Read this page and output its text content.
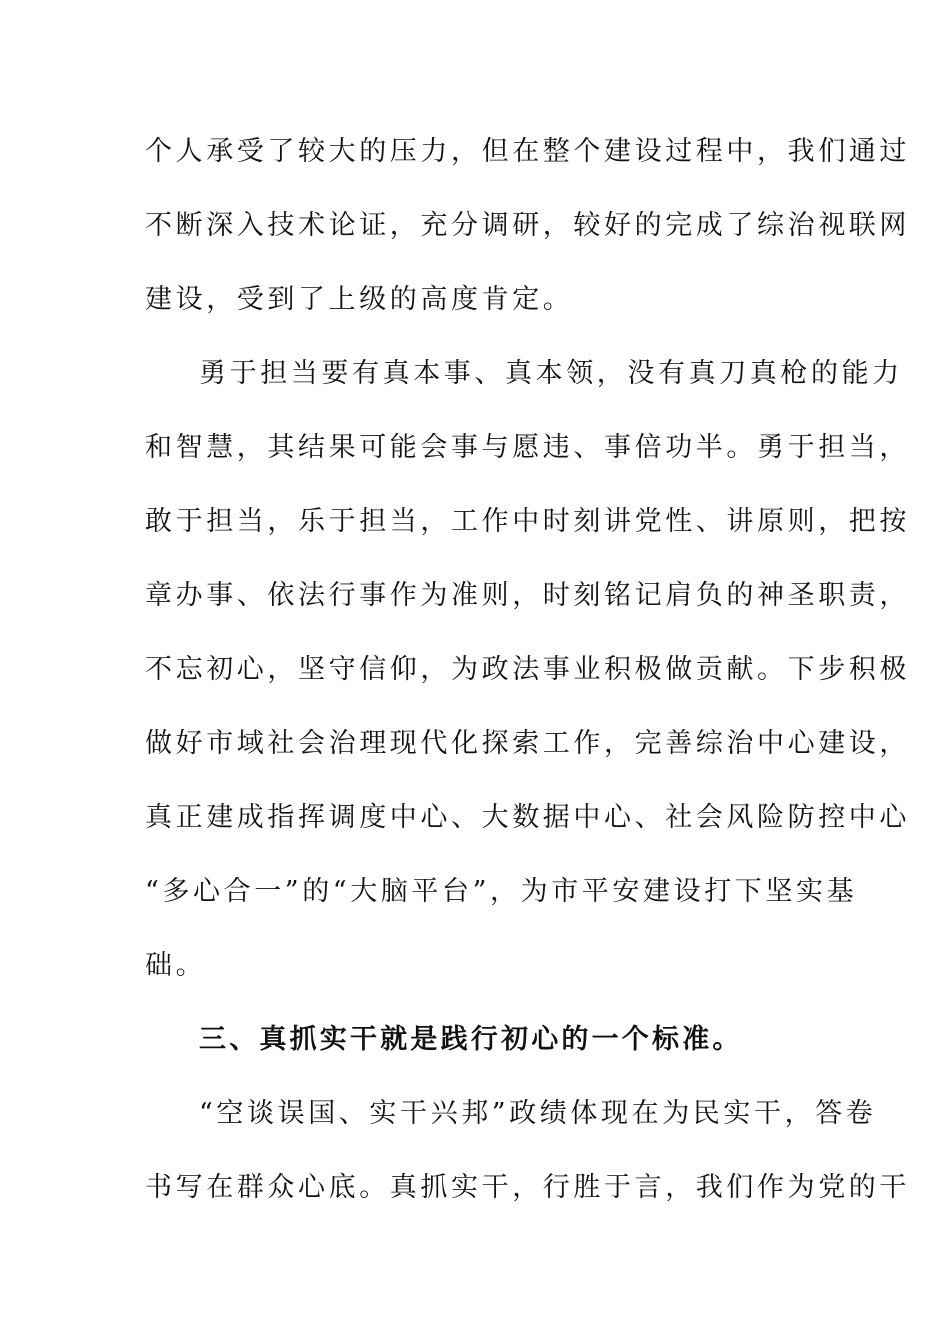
个人承受了较大的压力，但在整个建设过程中，我们通过
不断深入技术论证，充分调研，较好的完成了综治视联网
建设，受到了上级的高度肯定。
勇于担当要有真本事、真本领，没有真刀真枪的能力
和智慧，其结果可能会事与愿违、事倍功半。勇于担当，
敢于担当，乐于担当，工作中时刻讲党性、讲原则，把按
章办事、依法行事作为准则，时刻铭记肩负的神圣职责，
不忘初心，坚守信仰，为政法事业积极做贡献。下步积极
做好市域社会治理现代化探索工作，完善综治中心建设，
真正建成指挥调度中心、大数据中心、社会风险防控中心
“多心合一”的“大脑平台”，为市平安建设打下坚实基
础。
三、真抓实干就是践行初心的一个标准。
“空谈误国、实干兴邦”政绩体现在为民实干，答卷
书写在群众心底。真抓实干，行胜于言，我们作为党的干
